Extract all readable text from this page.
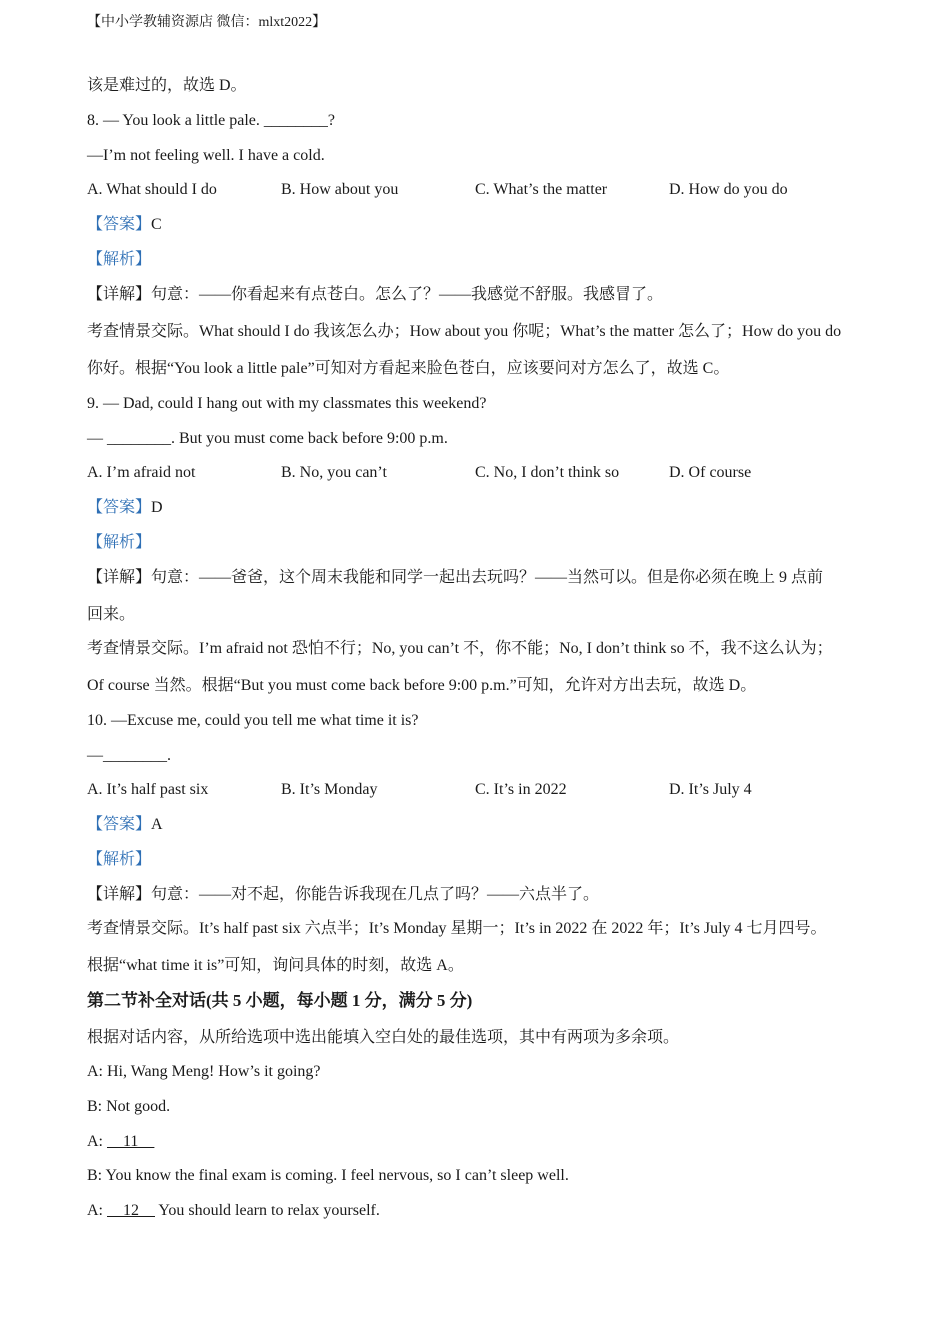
【中小学教辅资源店 微信：mlxt2022】
该是难过的，故选 D。
8. — You look a little pale. ________?
—I’m not feeling well. I have a cold.
A. What should I do	B. How about you	C. What’s the matter	D. How do you do
【答案】C
【解析】
【详解】句意：——你看起来有点苍白。怎么了？——我感觉不舒服。我感冒了。
考查情景交际。What should I do 我该怎么办；How about you 你呢；What’s the matter 怎么了；How do you do
你好。根据“You look a little pale”可知对方看起来脸色苍白，应该要问对方怎么了，故选 C。
9. — Dad, could I hang out with my classmates this weekend?
— ________. But you must come back before 9:00 p.m.
A. I’m afraid not	B. No, you can’t	C. No, I don’t think so	D. Of course
【答案】D
【解析】
【详解】句意：——爸爸，这个周末我能和同学一起出去玩吗？——当然可以。但是你必须在晚上 9 点前
回来。
考查情景交际。I’m afraid not 恐怕不行；No, you can’t 不，你不能；No, I don’t think so 不，我不这么认为；
Of course 当然。根据“But you must come back before 9:00 p.m.”可知，允许对方出去玩，故选 D。
10. —Excuse me, could you tell me what time it is?
—________.
A. It’s half past six	B. It’s Monday	C. It’s in 2022	D. It’s July 4
【答案】A
【解析】
【详解】句意：——对不起，你能告诉我现在几点了吗？——六点半了。
考查情景交际。It’s half past six 六点半；It’s Monday 星期一；It’s in 2022 在 2022 年；It’s July 4 七月四号。
根据“what time it is”可知，询问具体的时刻，故选 A。
第二节补全对话(共 5 小题，每小题 1 分，满分 5 分)
根据对话内容，从所给选项中选出能填入空白处的最佳选项，其中有两项为多余项。
A: Hi, Wang Meng! How’s it going?
B: Not good.
A:     11
B: You know the final exam is coming. I feel nervous, so I can’t sleep well.
A:     12     You should learn to relax yourself.
